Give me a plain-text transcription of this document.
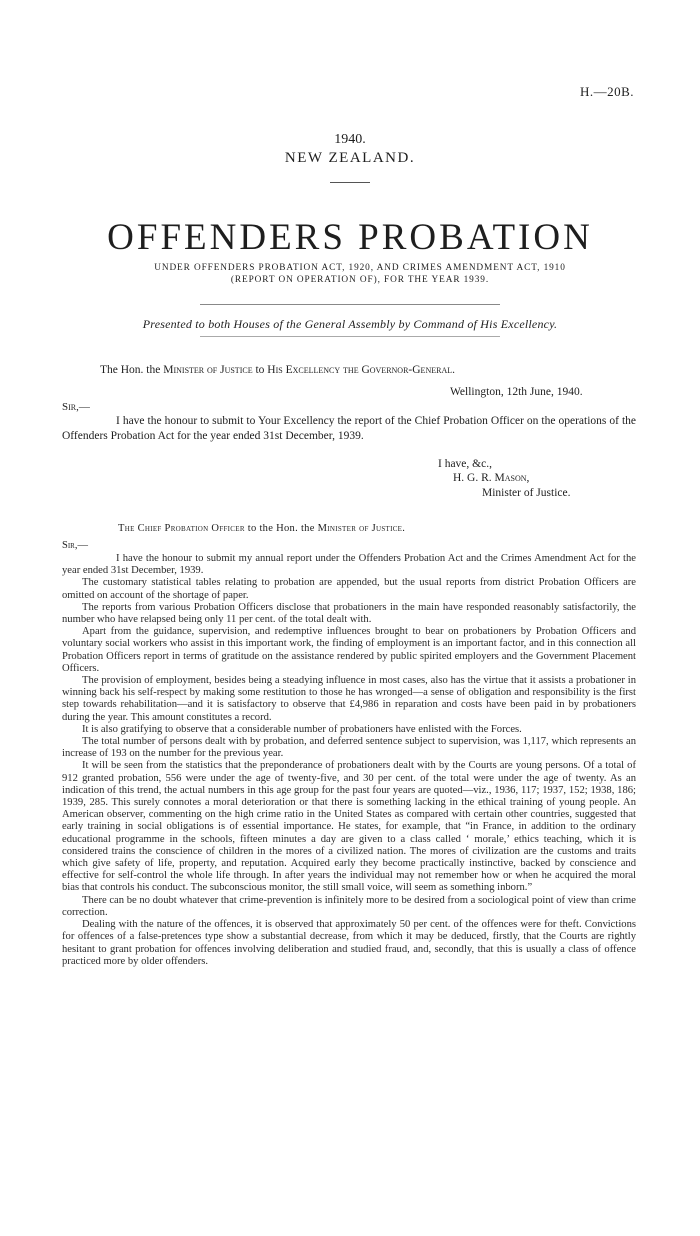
H.—20B.
1940.
NEW ZEALAND.
OFFENDERS PROBATION
UNDER OFFENDERS PROBATION ACT, 1920, AND CRIMES AMENDMENT ACT, 1910
(REPORT ON OPERATION OF), FOR THE YEAR 1939.
Presented to both Houses of the General Assembly by Command of His Excellency.
The Hon. the Minister of Justice to His Excellency the Governor-General.
Wellington, 12th June, 1940.
Sir,—

I have the honour to submit to Your Excellency the report of the Chief Probation Officer on the operations of the Offenders Probation Act for the year ended 31st December, 1939.

I have, &c.,
H. G. R. Mason,
Minister of Justice.
The Chief Probation Officer to the Hon. the Minister of Justice.
Sir,—

I have the honour to submit my annual report under the Offenders Probation Act and the Crimes Amendment Act for the year ended 31st December, 1939.

The customary statistical tables relating to probation are appended, but the usual reports from district Probation Officers are omitted on account of the shortage of paper.

The reports from various Probation Officers disclose that probationers in the main have responded reasonably satisfactorily, the number who have relapsed being only 11 per cent. of the total dealt with.

Apart from the guidance, supervision, and redemptive influences brought to bear on probationers by Probation Officers and voluntary social workers who assist in this important work, the finding of employment is an important factor, and in this connection all Probation Officers report in terms of gratitude on the assistance rendered by public spirited employers and the Government Placement Officers.

The provision of employment, besides being a steadying influence in most cases, also has the virtue that it assists a probationer in winning back his self-respect by making some restitution to those he has wronged—a sense of obligation and responsibility is the first step towards rehabilitation—and it is satisfactory to observe that £4,986 in reparation and costs have been paid in by probationers during the year. This amount constitutes a record.

It is also gratifying to observe that a considerable number of probationers have enlisted with the Forces.

The total number of persons dealt with by probation, and deferred sentence subject to supervision, was 1,117, which represents an increase of 193 on the number for the previous year.

It will be seen from the statistics that the preponderance of probationers dealt with by the Courts are young persons. Of a total of 912 granted probation, 556 were under the age of twenty-five, and 30 per cent. of the total were under the age of twenty. As an indication of this trend, the actual numbers in this age group for the past four years are quoted—viz., 1936, 117; 1937, 152; 1938, 186; 1939, 285. This surely connotes a moral deterioration or that there is something lacking in the ethical training of young people. An American observer, commenting on the high crime ratio in the United States as compared with certain other countries, suggested that early training in social obligations is of essential importance. He states, for example, that “in France, in addition to the ordinary educational programme in the schools, fifteen minutes a day are given to a class called ‘ morale,’ ethics teaching, which it is considered trains the conscience of children in the mores of a civilized nation. The mores of civilization are the customs and traits which give safety of life, property, and reputation. Acquired early they become practically instinctive, backed by conscience and effective for self-control the whole life through. In after years the individual may not remember how or when he acquired the moral bias that controls his conduct. The subconscious monitor, the still small voice, will seem as something inborn.”

There can be no doubt whatever that crime-prevention is infinitely more to be desired from a sociological point of view than crime correction.

Dealing with the nature of the offences, it is observed that approximately 50 per cent. of the offences were for theft. Convictions for offences of a false-pretences type show a substantial decrease, from which it may be deduced, firstly, that the Courts are rightly hesitant to grant probation for offences involving deliberation and studied fraud, and, secondly, that this is usually a class of offence practiced more by older offenders.
